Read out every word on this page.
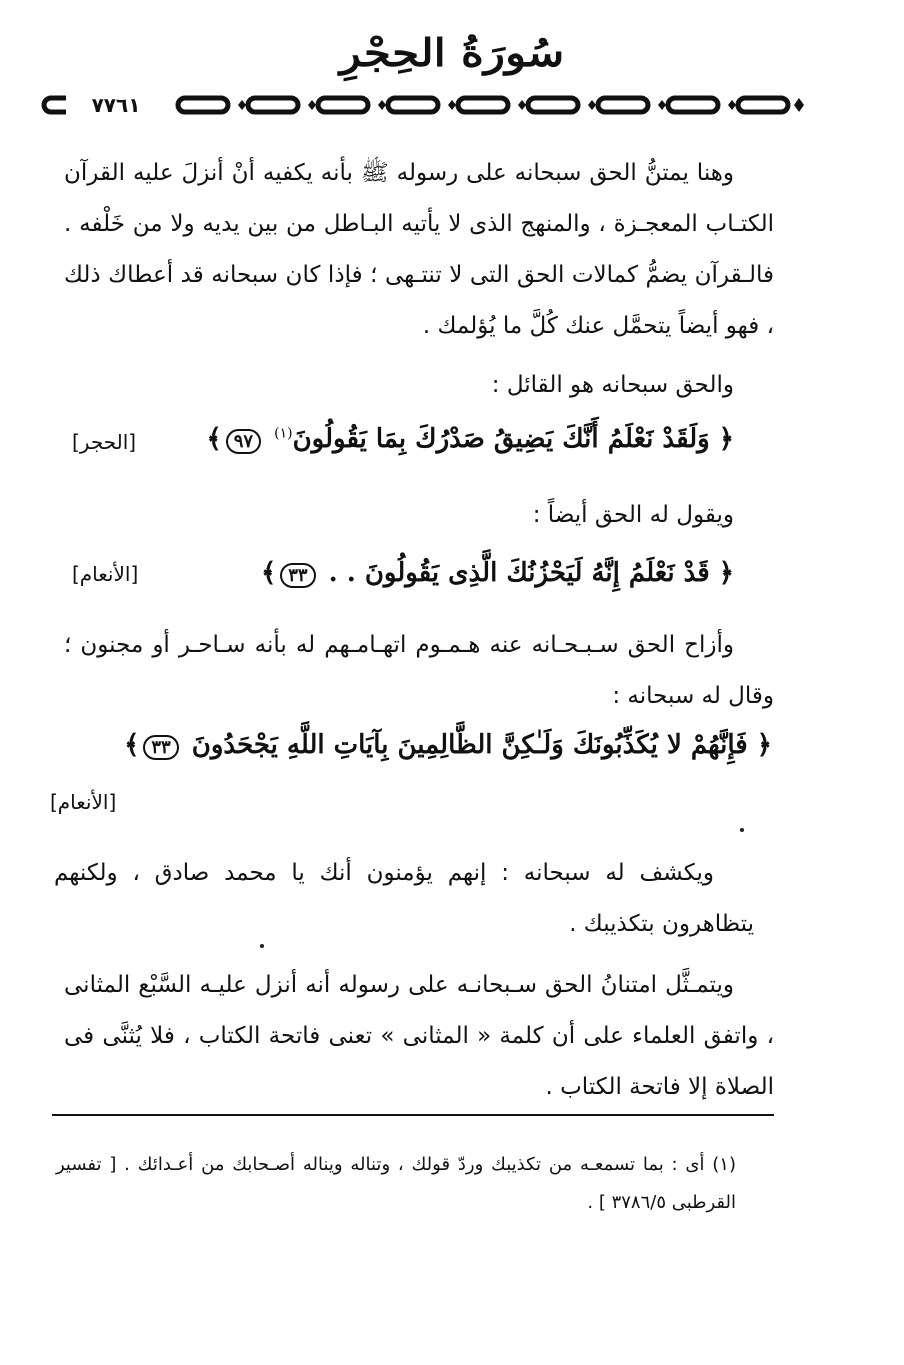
سُورَةُ الحِجْرِ
٧٧٦١

وهنا يمتنُّ الحق سبحانه على رسوله ﷺ بأنه يكفيه أنْ أنزلَ عليه القرآن الكتـاب المعجـزة ، والمنهج الذى لا يأتيه البـاطل من بين يديه ولا من خَلْفه . فالـقرآن يضمُّ كمالات الحق التى لا تنتـهى ؛ فإذا كان سبحانه قد أعطاك ذلك ، فهو أيضاً يتحمَّل عنك كُلَّ ما يُؤلمك .

والحق سبحانه هو القائل :

﴿ وَلَقَدْ نَعْلَمُ أَنَّكَ يَضِيقُ صَدْرُكَ بِمَا يَقُولُونَ$^{(١)}$ ٩٧﴾
[الحجر]

ويقول له الحق أيضاً :

﴿ قَدْ نَعْلَمُ إِنَّهُ لَيَحْزُنُكَ الَّذِى يَقُولُونَ . . ٣٣﴾
[الأنعام]

وأزاح الحق سـبـحـانه عنه هـمـوم اتهـامـهم له بأنه سـاحـر أو مجنون ؛ وقال له سبحانه :

﴿ فَإِنَّهُمْ لا يُكَذِّبُونَكَ وَلَـٰكِنَّ الظَّالِمِينَ بِآيَاتِ اللَّهِ يَجْحَدُونَ ٣٣﴾
[الأنعام]

ويكشف له سبحانه : إنهم يؤمنون أنك يا محمد صادق ، ولكنهم يتظاهرون بتكذيبك .

ويتمـثَّل امتنانُ الحق سـبحانـه على رسوله أنه أنزل عليـه السَّبْع المثانى ، واتفق العلماء على أن كلمة « المثانى » تعنى فاتحة الكتاب ، فلا يُثنَّى فى الصلاة إلا فاتحة الكتاب .

(١) أى : بما تسمعـه من تكذيبك وردّ قولك ، وتناله ويناله أصـحابك من أعـدائك . [ تفسير القرطبى ٣٧٨٦/٥ ] .
